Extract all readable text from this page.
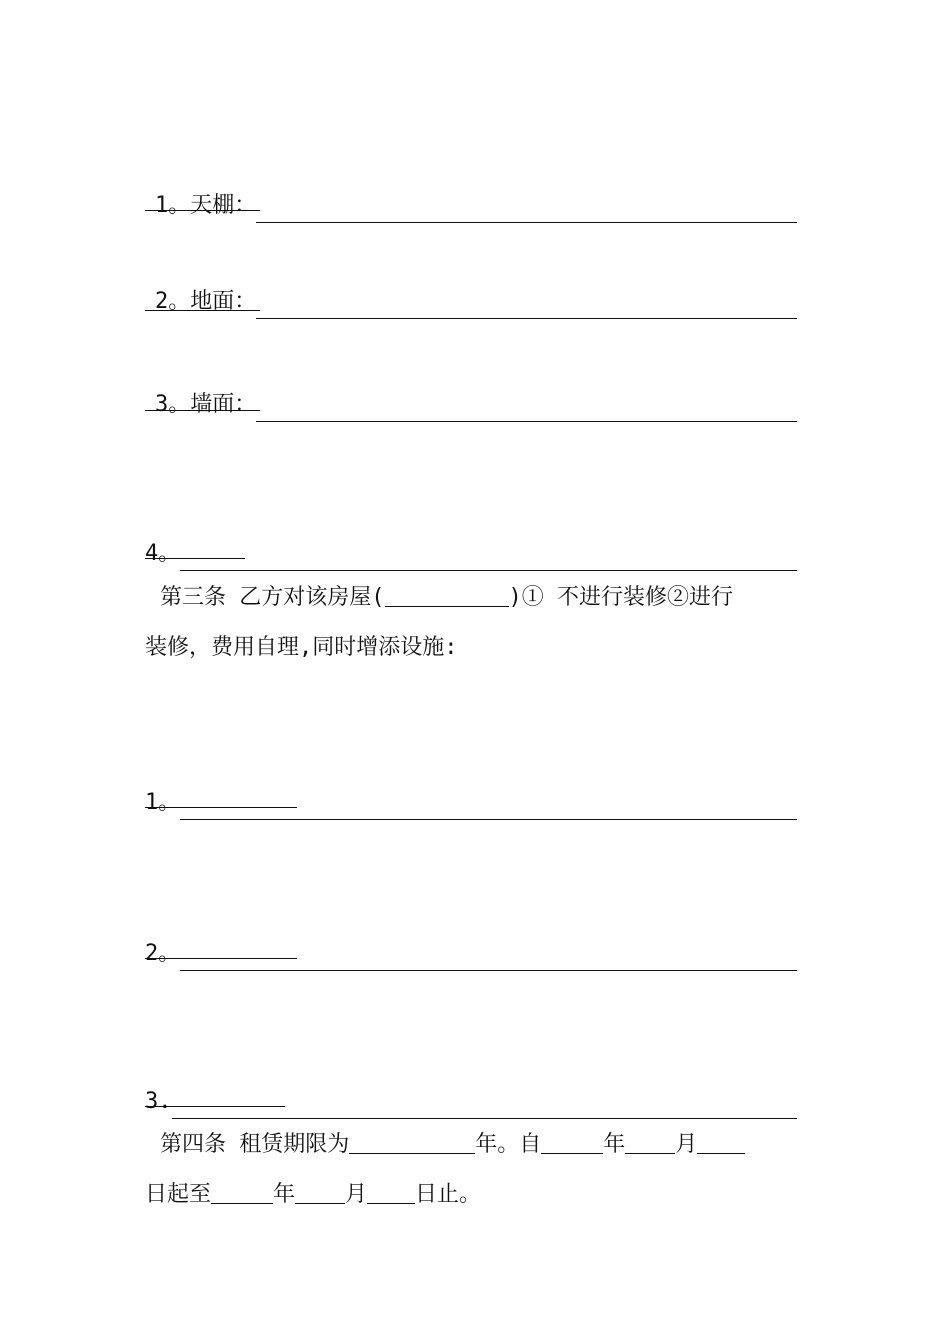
1。天棚：

2。地面：

3。墙面：

4。

第三条 乙方对该房屋(	)① 不进行装修②进行
装修，费用自理,同时增添设施:

1。

2。

3.

第四条 租赁期限为	年。自	年 月
日起至	年 月 日止。
